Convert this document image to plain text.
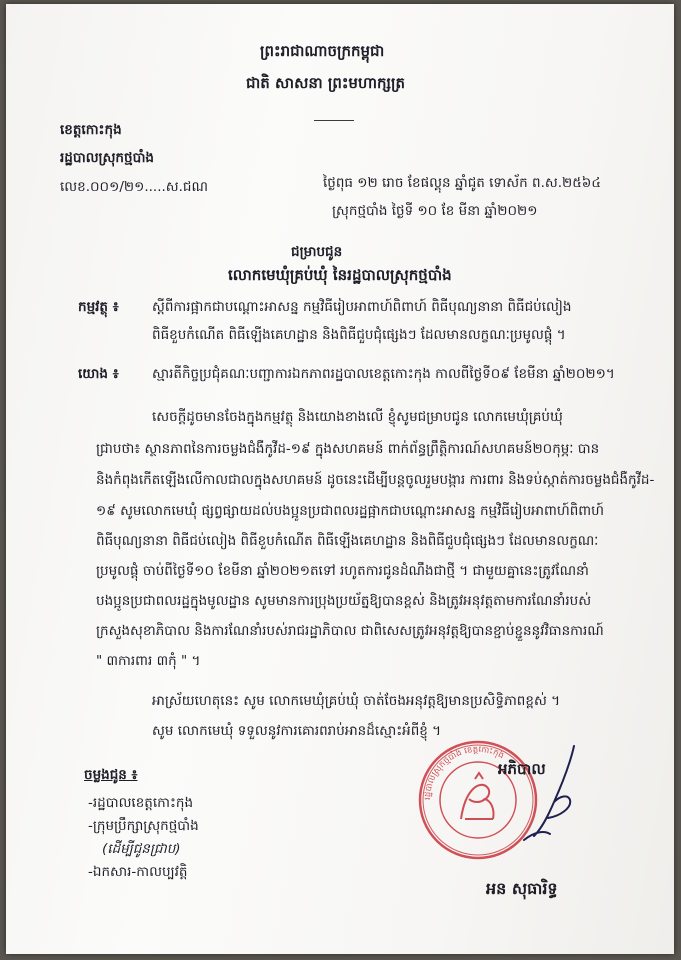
ព្រះរាជាណាចក្រកម្ពុជា
ជាតិ សាសនា ព្រះមហាក្សត្រ
ខេត្តកោះកុង
រដ្ឋបាលស្រុកថ្មបាំង
លេខ.០០១/២១.....ស.ជណ	ថ្ងៃពុធ ១២ រោច ខែផល្គុន ឆ្នាំជូត ទោស័ក ព.ស.២៥៦៤
ស្រុកថ្មបាំង ថ្ងៃទី ១០ ខែ មីនា ឆ្នាំ២០២១
ជម្រាបជូន
លោកមេឃុំគ្រប់ឃុំ នៃរដ្ឋបាលស្រុកថ្មបាំង
កម្មវត្ថុ ៖ ស្តីពីការផ្អាកជាបណ្តោះអាសន្ន កម្មវិធីរៀបអាពាហ៍ពិពាហ៍ ពិធីបុណ្យនានា ពិធីជប់លៀង
ពិធីខួបកំណើត ពិធីឡើងគេហដ្ឋាន និងពិធីជួបជុំផ្សេងៗ ដែលមានលក្ខណៈប្រមូលផ្តុំ ។
យោង ៖ ស្មារតីកិច្ចប្រជុំគណៈបញ្ជាការឯកភាពរដ្ឋបាលខេត្តកោះកុង កាលពីថ្ងៃទី០៩ ខែមីនា ឆ្នាំ២០២១។
សេចក្តីដូចមានចែងក្នុងកម្មវត្ថុ និងយោងខាងលើ ខ្ញុំសូមជម្រាបជូន លោកមេឃុំគ្រប់ឃុំ
ជ្រាបថា៖ ស្ថានភាពនៃការចម្លងជំងឺកូវីដ-១៩ ក្នុងសហគមន៍ ពាក់ព័ន្ធព្រឹត្តិការណ៍សហគមន៍២០កុម្ភៈ បាន
និងកំពុងកើតឡើងលើកាលជាលក្នុងសហគមន៍ ដូចនេះដើម្បីបន្តចូលរួមបង្ការ ការពារ និងទប់ស្កាត់ការចម្លងជំងឺកូវីដ-
១៩ សូមលោកមេឃុំ ផ្សព្វផ្សាយដល់បងប្អូនប្រជាពលរដ្ឋផ្អាកជាបណ្តោះអាសន្ន កម្មវិធីរៀបអាពាហ៍ពិពាហ៍
ពិធីបុណ្យនានា ពិធីជប់លៀង ពិធីខួបកំណើត ពិធីឡើងគេហដ្ឋាន និងពិធីជួបជុំផ្សេងៗ ដែលមានលក្ខណៈ
ប្រមូលផ្តុំ ចាប់ពីថ្ងៃទី១០ ខែមីនា ឆ្នាំ២០២១តទៅ រហូតការជូនដំណឹងជាថ្មី ។ ជាមួយគ្នានេះត្រូវណែនាំ
បងប្អូនប្រជាពលរដ្ឋក្នុងមូលដ្ឋាន សូមមានការប្រុងប្រយ័ត្នឱ្យបានខ្ពស់ និងត្រូវអនុវត្តតាមការណែនាំរបស់
ក្រសួងសុខាភិបាល និងការណែនាំរបស់រាជរដ្ឋាភិបាល ជាពិសេសត្រូវអនុវត្តឱ្យបានខ្ជាប់ខ្ជួននូវវិធានការណ៍
" ៣ការពារ ៣កុំ " ។
អាស្រ័យហេតុនេះ សូម លោកមេឃុំគ្រប់ឃុំ ចាត់ចែងអនុវត្តឱ្យមានប្រសិទ្ធិភាពខ្ពស់ ។
សូម លោកមេឃុំ ទទួលនូវការគោរពរាប់អានដ៏ស្មោះអំពីខ្ញុំ ។
ចម្លងជូន ៖
-រដ្ឋបាលខេត្តកោះកុង
-ក្រុមប្រឹក្សាស្រុកថ្មបាំង
(ដើម្បីជូនជ្រាប)
-ឯកសារ-កាលប្បវត្តិ
រដ្ឋបាលស្រុកថ្មបាំង ខេត្តកោះកុង
អភិបាល
អន សុធារិទ្ធ
